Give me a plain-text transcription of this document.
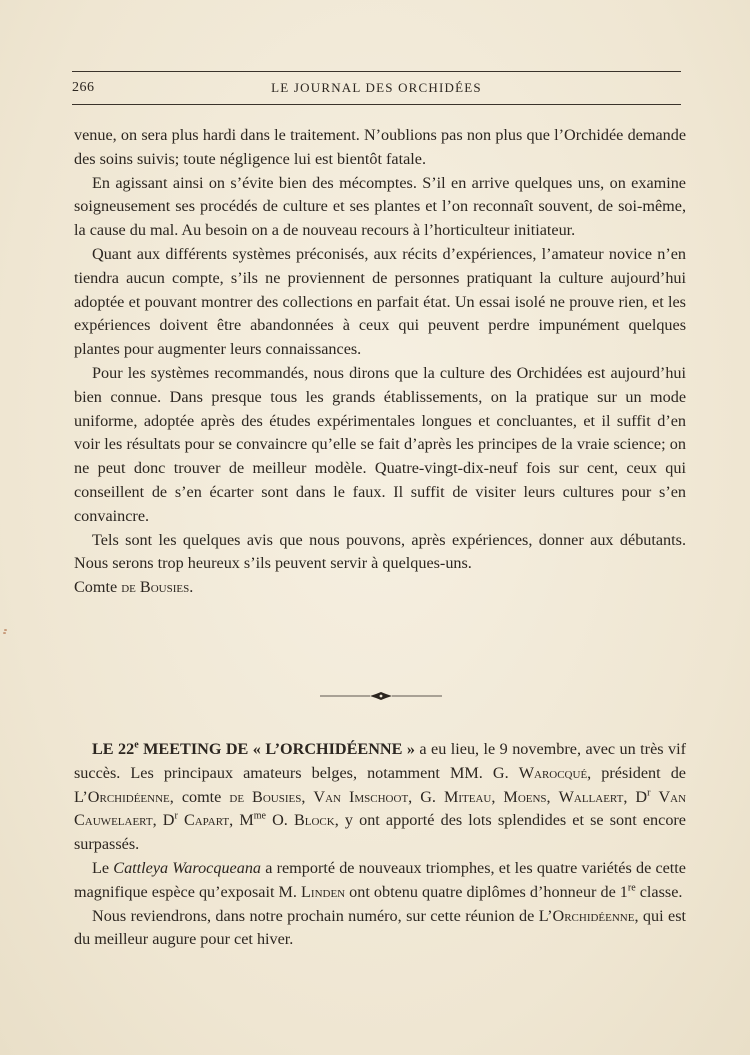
266	LE JOURNAL DES ORCHIDÉES

venue, on sera plus hardi dans le traitement. N’oublions pas non plus que l’Orchidée demande des soins suivis; toute négligence lui est bientôt fatale.

En agissant ainsi on s’évite bien des mécomptes. S’il en arrive quelques uns, on examine soigneusement ses procédés de culture et ses plantes et l’on reconnaît souvent, de soi-même, la cause du mal. Au besoin on a de nouveau recours à l’horticulteur initiateur.

Quant aux différents systèmes préconisés, aux récits d’expériences, l’amateur novice n’en tiendra aucun compte, s’ils ne proviennent de personnes pratiquant la culture aujourd’hui adoptée et pouvant montrer des collections en parfait état. Un essai isolé ne prouve rien, et les expériences doivent être abandonnées à ceux qui peuvent perdre impunément quelques plantes pour augmenter leurs connaissances.

Pour les systèmes recommandés, nous dirons que la culture des Orchidées est aujourd’hui bien connue. Dans presque tous les grands établissements, on la pratique sur un mode uniforme, adoptée après des études expérimentales longues et concluantes, et il suffit d’en voir les résultats pour se convaincre qu’elle se fait d’après les principes de la vraie science; on ne peut donc trouver de meilleur modèle. Quatre-vingt-dix-neuf fois sur cent, ceux qui conseillent de s’en écarter sont dans le faux. Il suffit de visiter leurs cultures pour s’en convaincre.

Tels sont les quelques avis que nous pouvons, après expériences, donner aux débutants. Nous serons trop heureux s’ils peuvent servir à quelques-uns.

Comte de Bousies.

LE 22e MEETING DE « L’ORCHIDÉENNE » a eu lieu, le 9 novembre, avec un très vif succès. Les principaux amateurs belges, notamment MM. G. Warocqué, président de L’Orchidéenne, comte de Bousies, Van Imschoot, G. Miteau, Moens, Wallaert, $D^r$ Van Cauwelaert, $D^r$ Capart, $M^{me}$ O. Block, y ont apporté des lots splendides et se sont encore surpassés.

Le Cattleya Warocqueana a remporté de nouveaux triomphes, et les quatre variétés de cette magnifique espèce qu’exposait M. Linden ont obtenu quatre diplômes d’honneur de 1re classe.

Nous reviendrons, dans notre prochain numéro, sur cette réunion de L’Orchidéenne, qui est du meilleur augure pour cet hiver.
